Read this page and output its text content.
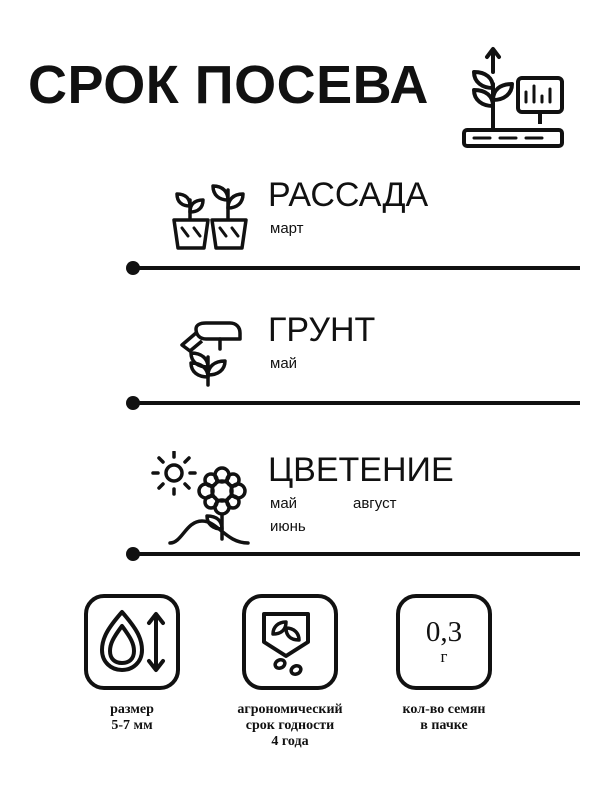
СРОК ПОСЕВА
РАССАДА
март
ГРУНТ
май
ЦВЕТЕНИЕ
май	август
июнь
размер
5-7 мм
агрономический
срок годности
4 года
0,3
г
кол-во семян
в пачке
